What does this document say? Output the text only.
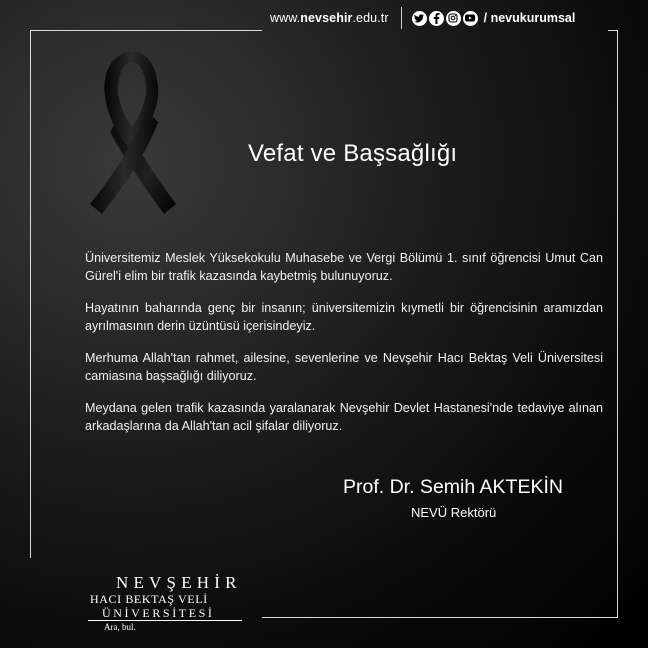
www.nevsehir.edu.tr	/ nevukurumsal
Vefat ve Başsağlığı

Üniversitemiz Meslek Yüksekokulu Muhasebe ve Vergi Bölümü 1. sınıf öğrencisi Umut Can Gürel'i elim bir trafik kazasında kaybetmiş bulunuyoruz.

Hayatının baharında genç bir insanın; üniversitemizin kıymetli bir öğrencisinin aramızdan ayrılmasının derin üzüntüsü içerisindeyiz.

Merhuma Allah'tan rahmet, ailesine, sevenlerine ve Nevşehir Hacı Bektaş Veli Üniversitesi camiasına başsağlığı diliyoruz.

Meydana gelen trafik kazasında yaralanarak Nevşehir Devlet Hastanesi'nde tedaviye alınan arkadaşlarına da Allah'tan acil şifalar diliyoruz.

Prof. Dr. Semih AKTEKİN
NEVÜ Rektörü
NEVŞEHİR
HACI BEKTAŞ VELİ
ÜNİVERSİTESİ
Ara, bul.
